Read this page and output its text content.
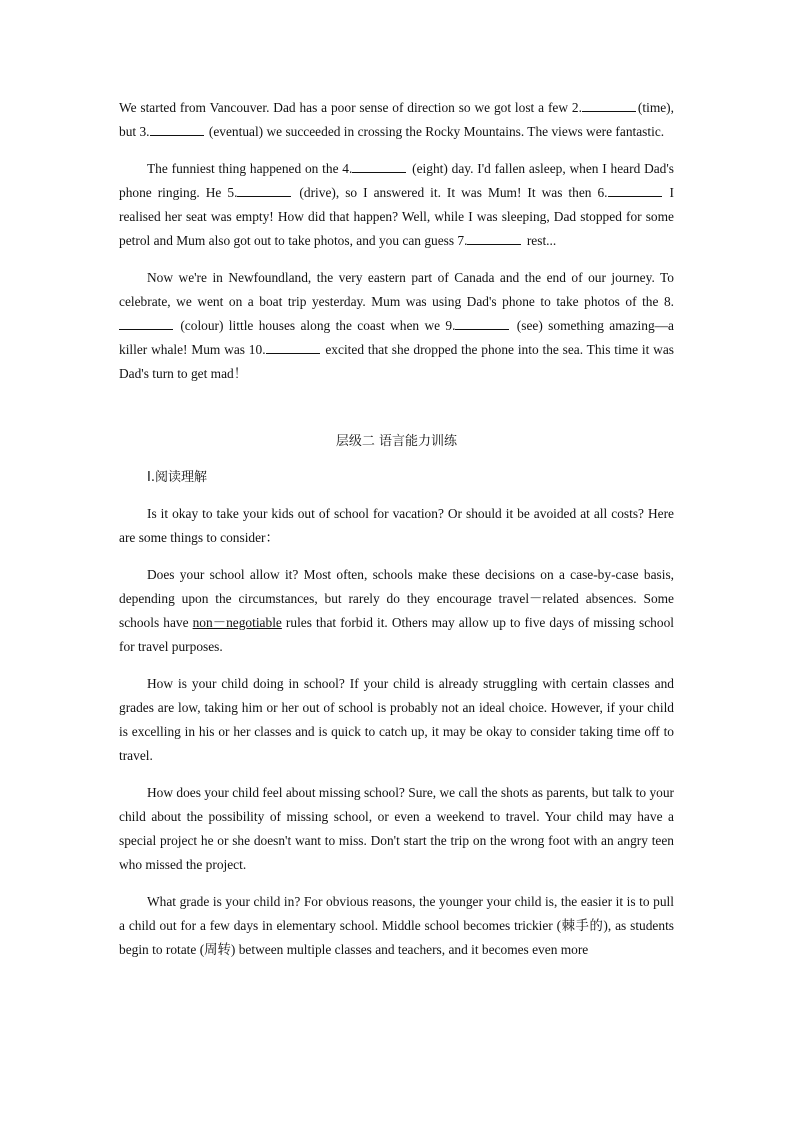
We started from Vancouver. Dad has a poor sense of direction so we got lost a few 2.	(time), but 3.	(eventual) we succeeded in crossing the Rocky Mountains. The views were fantastic.

The funniest thing happened on the 4.	(eight) day. I'd fallen asleep, when I heard Dad's phone ringing. He 5.	(drive), so I answered it. It was Mum! It was then 6.	I realised her seat was empty! How did that happen? Well, while I was sleeping, Dad stopped for some petrol and Mum also got out to take photos, and you can guess 7.	rest...

Now we're in Newfoundland, the very eastern part of Canada and the end of our journey. To celebrate, we went on a boat trip yesterday. Mum was using Dad's phone to take photos of the 8. (colour) little houses along the coast when we 9.	(see) something amazing—a killer whale! Mum was 10.	excited that she dropped the phone into the sea. This time it was Dad's turn to get mad！

层级二 语言能力训练
Ⅰ.阅读理解

Is it okay to take your kids out of school for vacation? Or should it be avoided at all costs? Here are some things to consider：

Does your school allow it? Most often, schools make these decisions on a case-by-case basis, depending upon the circumstances, but rarely do they encourage travel－related absences. Some schools have non－negotiable rules that forbid it. Others may allow up to five days of missing school for travel purposes.

How is your child doing in school? If your child is already struggling with certain classes and grades are low, taking him or her out of school is probably not an ideal choice. However, if your child is excelling in his or her classes and is quick to catch up, it may be okay to consider taking time off to travel.

How does your child feel about missing school? Sure, we call the shots as parents, but talk to your child about the possibility of missing school, or even a weekend to travel. Your child may have a special project he or she doesn't want to miss. Don't start the trip on the wrong foot with an angry teen who missed the project.

What grade is your child in? For obvious reasons, the younger your child is, the easier it is to pull a child out for a few days in elementary school. Middle school becomes trickier (棘手的), as students begin to rotate (周转) between multiple classes and teachers, and it becomes even more
